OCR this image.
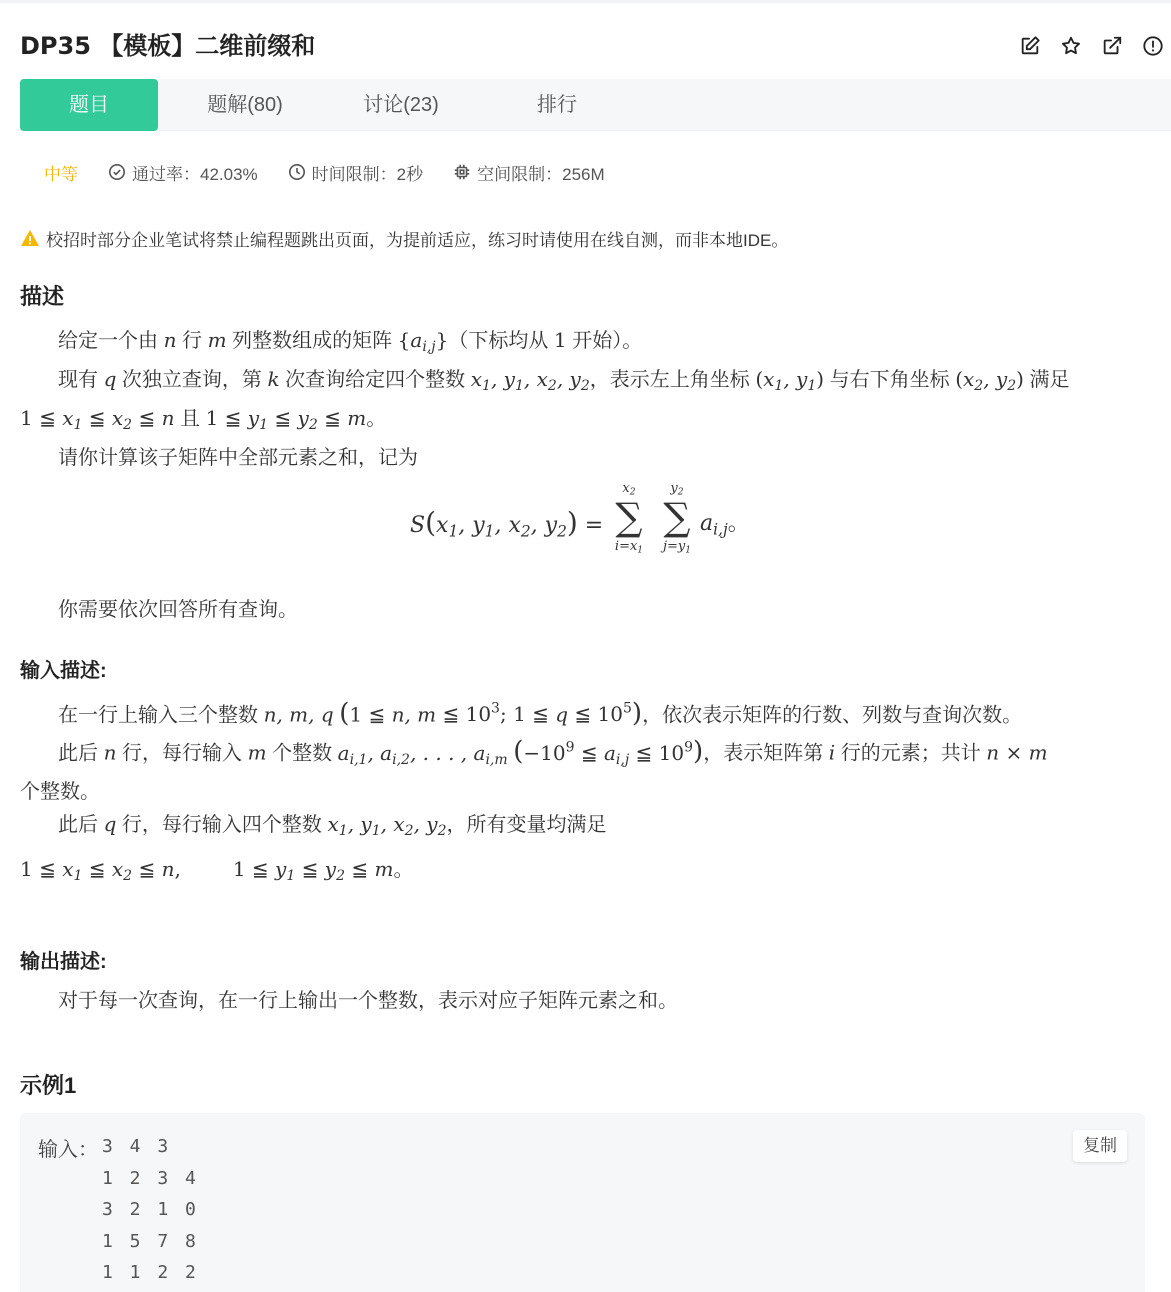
DP35 【模板】二维前缀和
题目	题解(80)	讨论(23)	排行
中等	通过率：42.03%	时间限制：2秒	空间限制：256M
校招时部分企业笔试将禁止编程题跳出页面，为提前适应，练习时请使用在线自测，而非本地IDE。
描述
给定一个由 n 行 m 列整数组成的矩阵 $\{a_{i,j}\}$（下标均从 1 开始）。
现有 q 次独立查询，第 k 次查询给定四个整数 $x_1$, $y_1$, $x_2$, $y_2$，表示左上角坐标 ($x_1$, $y_1$) 与右下角坐标 ($x_2$, $y_2$) 满足
1 ≦ $x_1$ ≦ $x_2$ ≦ n 且 1 ≦ $y_1$ ≦ $y_2$ ≦ m。
请你计算该子矩阵中全部元素之和，记为
$S(x_1$, $y_1$, $x_2$, $y_2$) =
$x_2$
∑
$i=x_1$
$y_2$
∑
$j=y_1$
$a_{i,j}$。
你需要依次回答所有查询。
输入描述:
在一行上输入三个整数 n, m, q (1 ≦ n, m ≦ $10^3$; 1 ≦ q ≦ $10^5$)，依次表示矩阵的行数、列数与查询次数。
此后 n 行，每行输入 m 个整数 $a_{i,1}$, $a_{i,2}$, . . . , $a_{i,m}$ ($-10^9$ ≦ $a_{i,j}$ ≦ $10^9$)，表示矩阵第 i 行的元素；共计 n × m
个整数。
此后 q 行，每行输入四个整数 $x_1$, $y_1$, $x_2$, $y_2$，所有变量均满足
1 ≦ $x_1$ ≦ $x_2$ ≦ n,	1 ≦ $y_1$ ≦ $y_2$ ≦ m。
输出描述:
对于每一次查询，在一行上输出一个整数，表示对应子矩阵元素之和。
示例1
输入： 3 4 3
1 2 3 4
3 2 1 0
1 5 7 8
1 1 2 2
复制
